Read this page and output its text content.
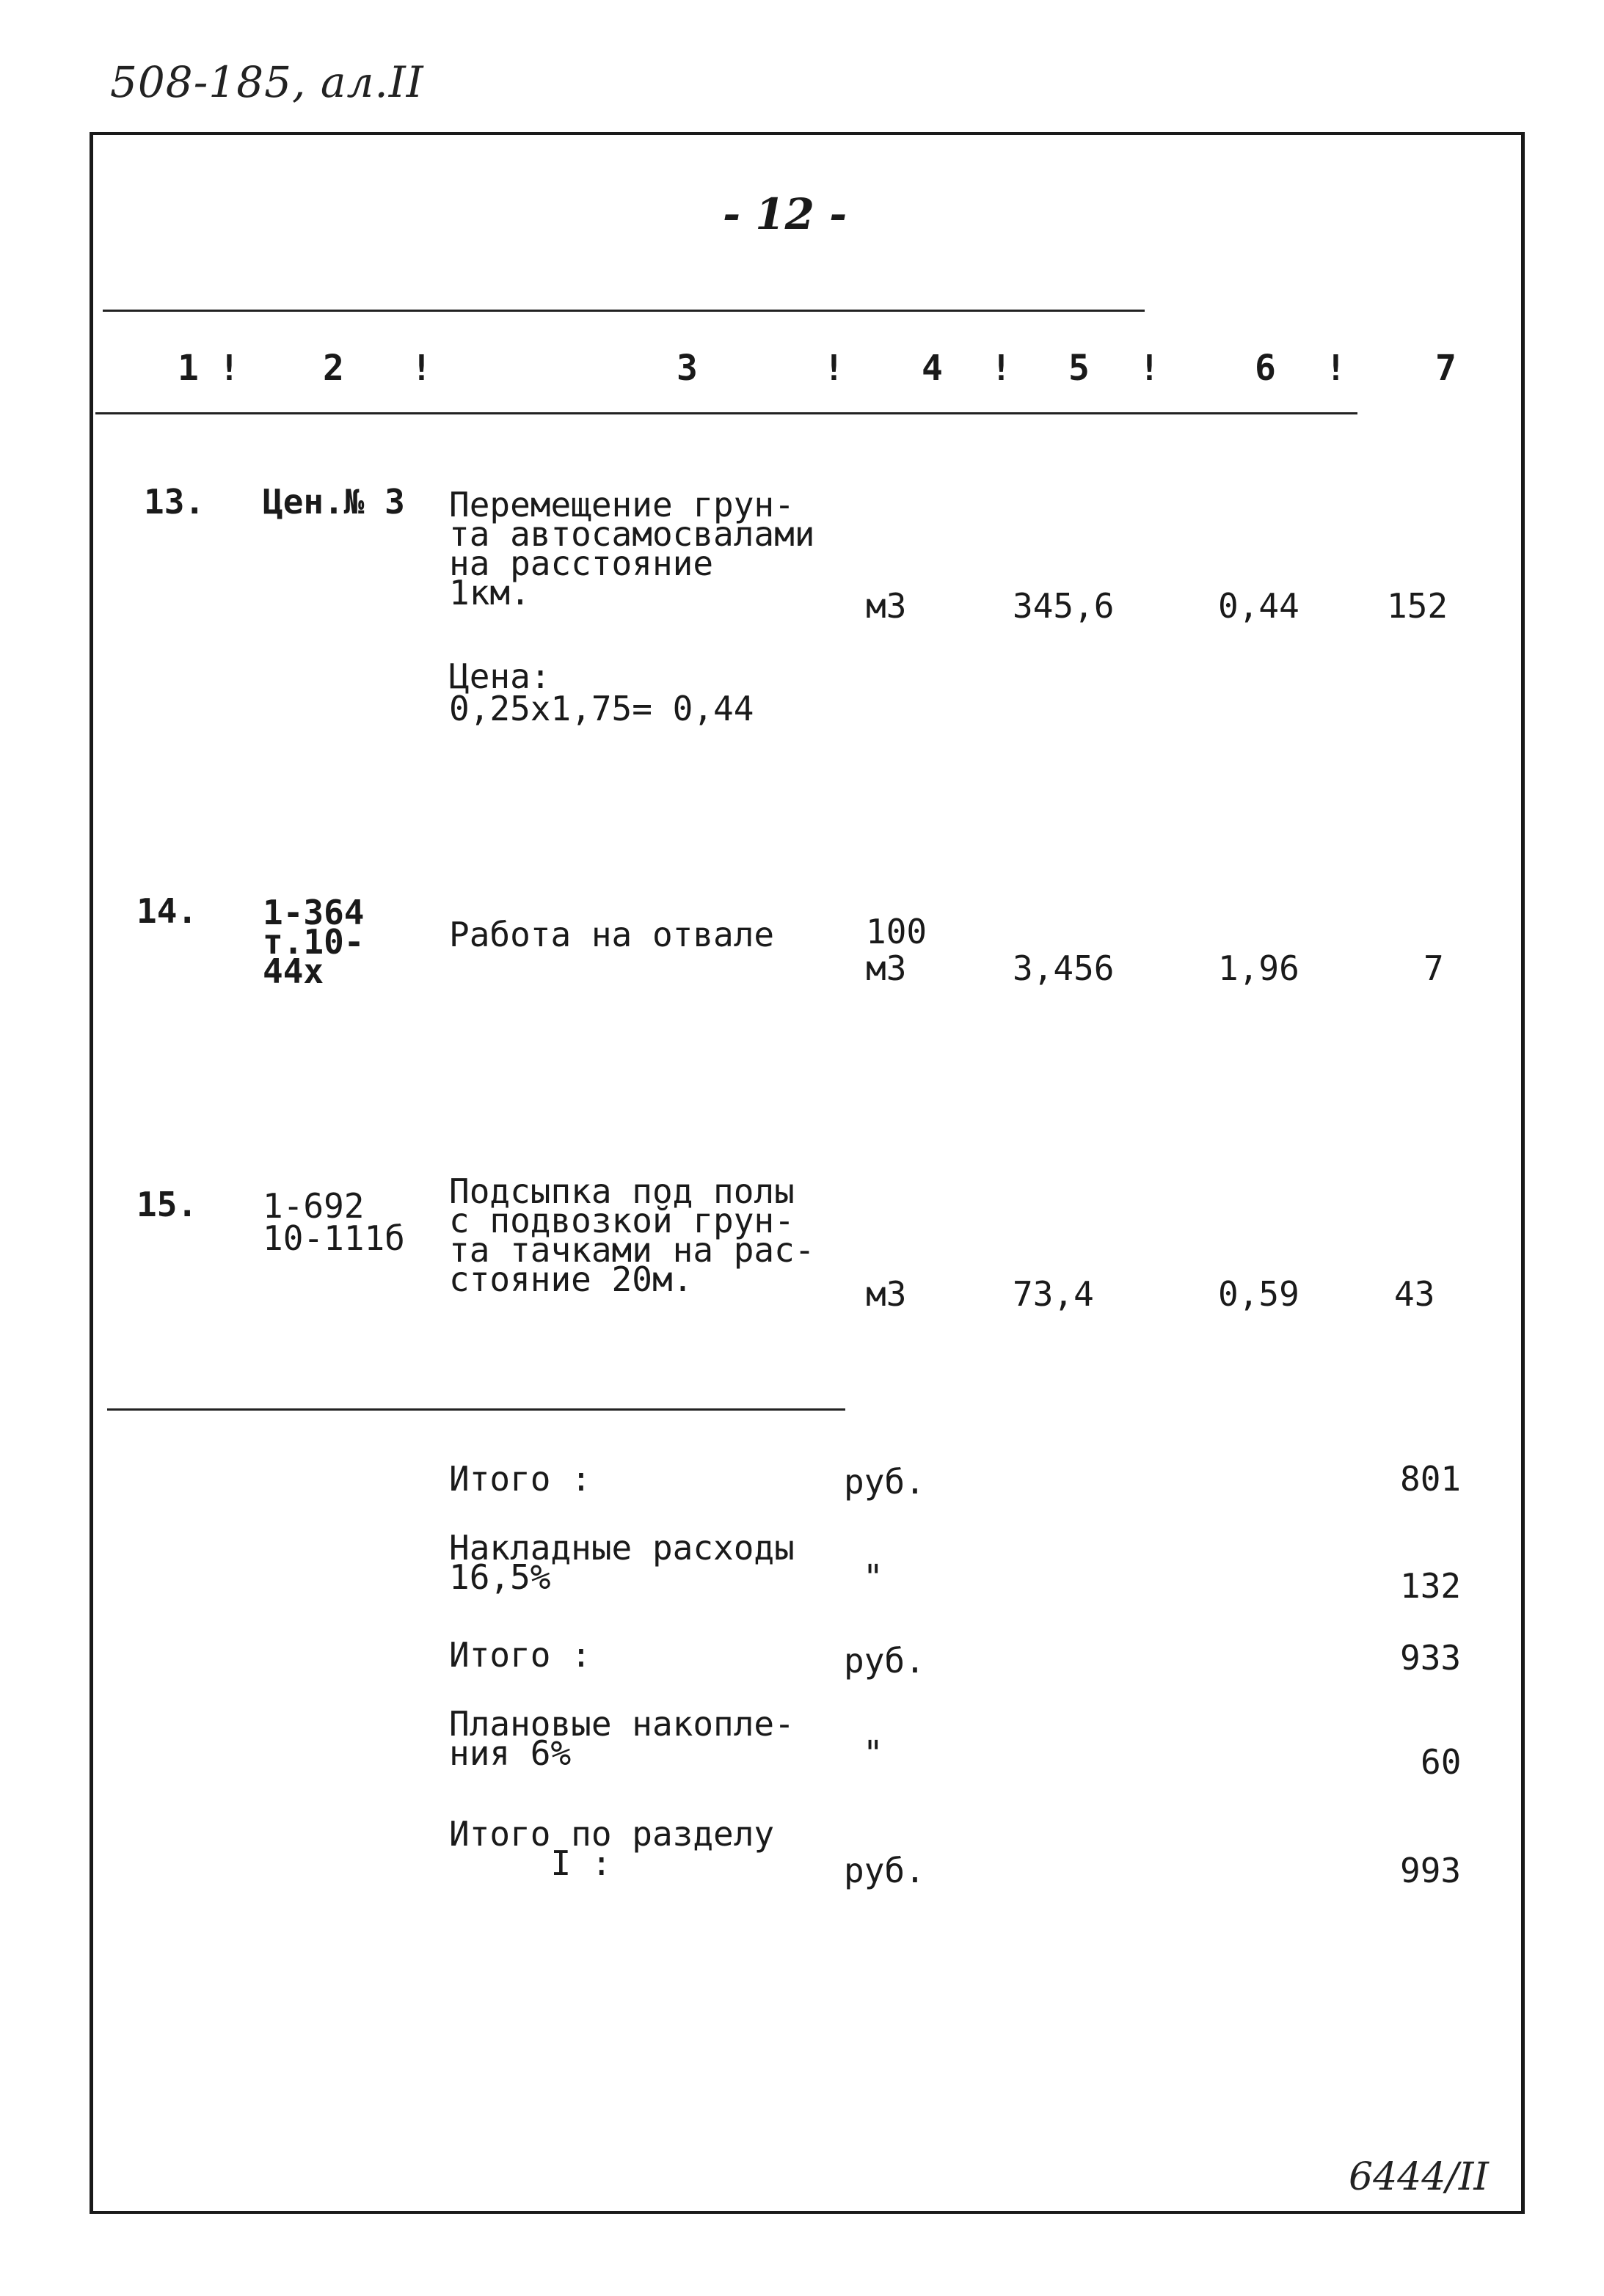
508-185, ал.II
- 12 -
1 ! 2 !	3	! 4 ! 5 !	6 !	7
13. Цен.№ 3 Перемещение грун-
та автосамосвалами
на расстояние
1км.	м3	345,6	0,44	152
Цена:
0,25х1,75= 0,44
14. 1-364
т.10-
44х
Работа на отвале	100
м3	3,456	1,96	7
15. 1-692
10-111б
Подсыпка под полы
с подвозкой грун-
та тачками на рас-
стояние 20м.	м3	73,4	0,59	43
Итого :	руб.	801
Накладные расходы
16,5%	"	132
Итого :	руб.	933
Плановые накопле-
ния 6%	"	60
Итого по разделу
I :	руб.	993
6444/II
